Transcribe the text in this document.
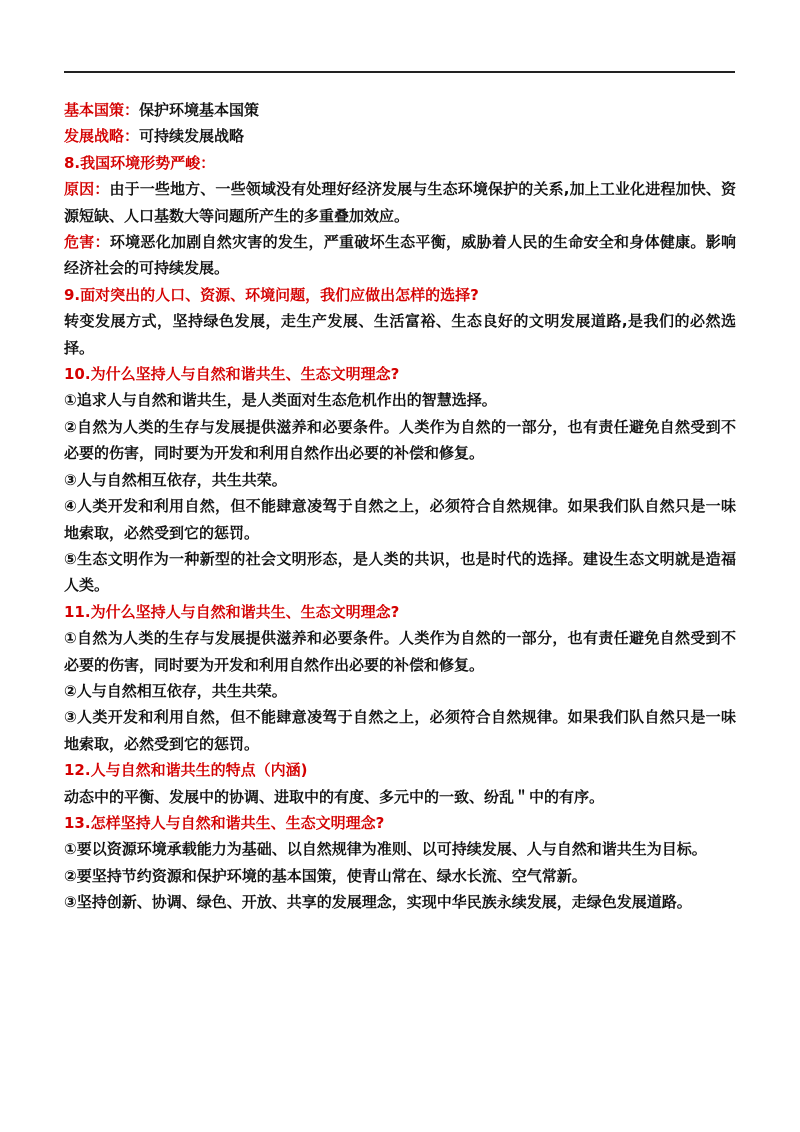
基本国策：保护环境基本国策

发展战略：可持续发展战略

8.我国环境形势严峻：

原因：由于一些地方、一些领域没有处理好经济发展与生态环境保护的关系,加上工业化进程加快、资源短缺、人口基数大等问题所产生的多重叠加效应。

危害：环境恶化加剧自然灾害的发生，严重破坏生态平衡，威胁着人民的生命安全和身体健康。影响经济社会的可持续发展。

9.面对突出的人口、资源、环境问题，我们应做出怎样的选择?

转变发展方式，坚持绿色发展，走生产发展、生活富裕、生态良好的文明发展道路,是我们的必然选择。

10.为什么坚持人与自然和谐共生、生态文明理念?

①追求人与自然和谐共生，是人类面对生态危机作出的智慧选择。

②自然为人类的生存与发展提供滋养和必要条件。人类作为自然的一部分，也有责任避免自然受到不必要的伤害，同时要为开发和利用自然作出必要的补偿和修复。

③人与自然相互依存，共生共荣。

④人类开发和利用自然，但不能肆意凌驾于自然之上，必须符合自然规律。如果我们队自然只是一味地索取，必然受到它的惩罚。

⑤生态文明作为一种新型的社会文明形态，是人类的共识，也是时代的选择。建设生态文明就是造福人类。

11.为什么坚持人与自然和谐共生、生态文明理念?

①自然为人类的生存与发展提供滋养和必要条件。人类作为自然的一部分，也有责任避免自然受到不必要的伤害，同时要为开发和利用自然作出必要的补偿和修复。

②人与自然相互依存，共生共荣。

③人类开发和利用自然，但不能肆意凌驾于自然之上，必须符合自然规律。如果我们队自然只是一味地索取，必然受到它的惩罚。

12.人与自然和谐共生的特点（内涵)

动态中的平衡、发展中的协调、进取中的有度、多元中的一致、纷乱＂中的有序。

13.怎样坚持人与自然和谐共生、生态文明理念?

①要以资源环境承载能力为基础、以自然规律为准则、以可持续发展、人与自然和谐共生为目标。

②要坚持节约资源和保护环境的基本国策，使青山常在、绿水长流、空气常新。

③坚持创新、协调、绿色、开放、共享的发展理念，实现中华民族永续发展，走绿色发展道路。
